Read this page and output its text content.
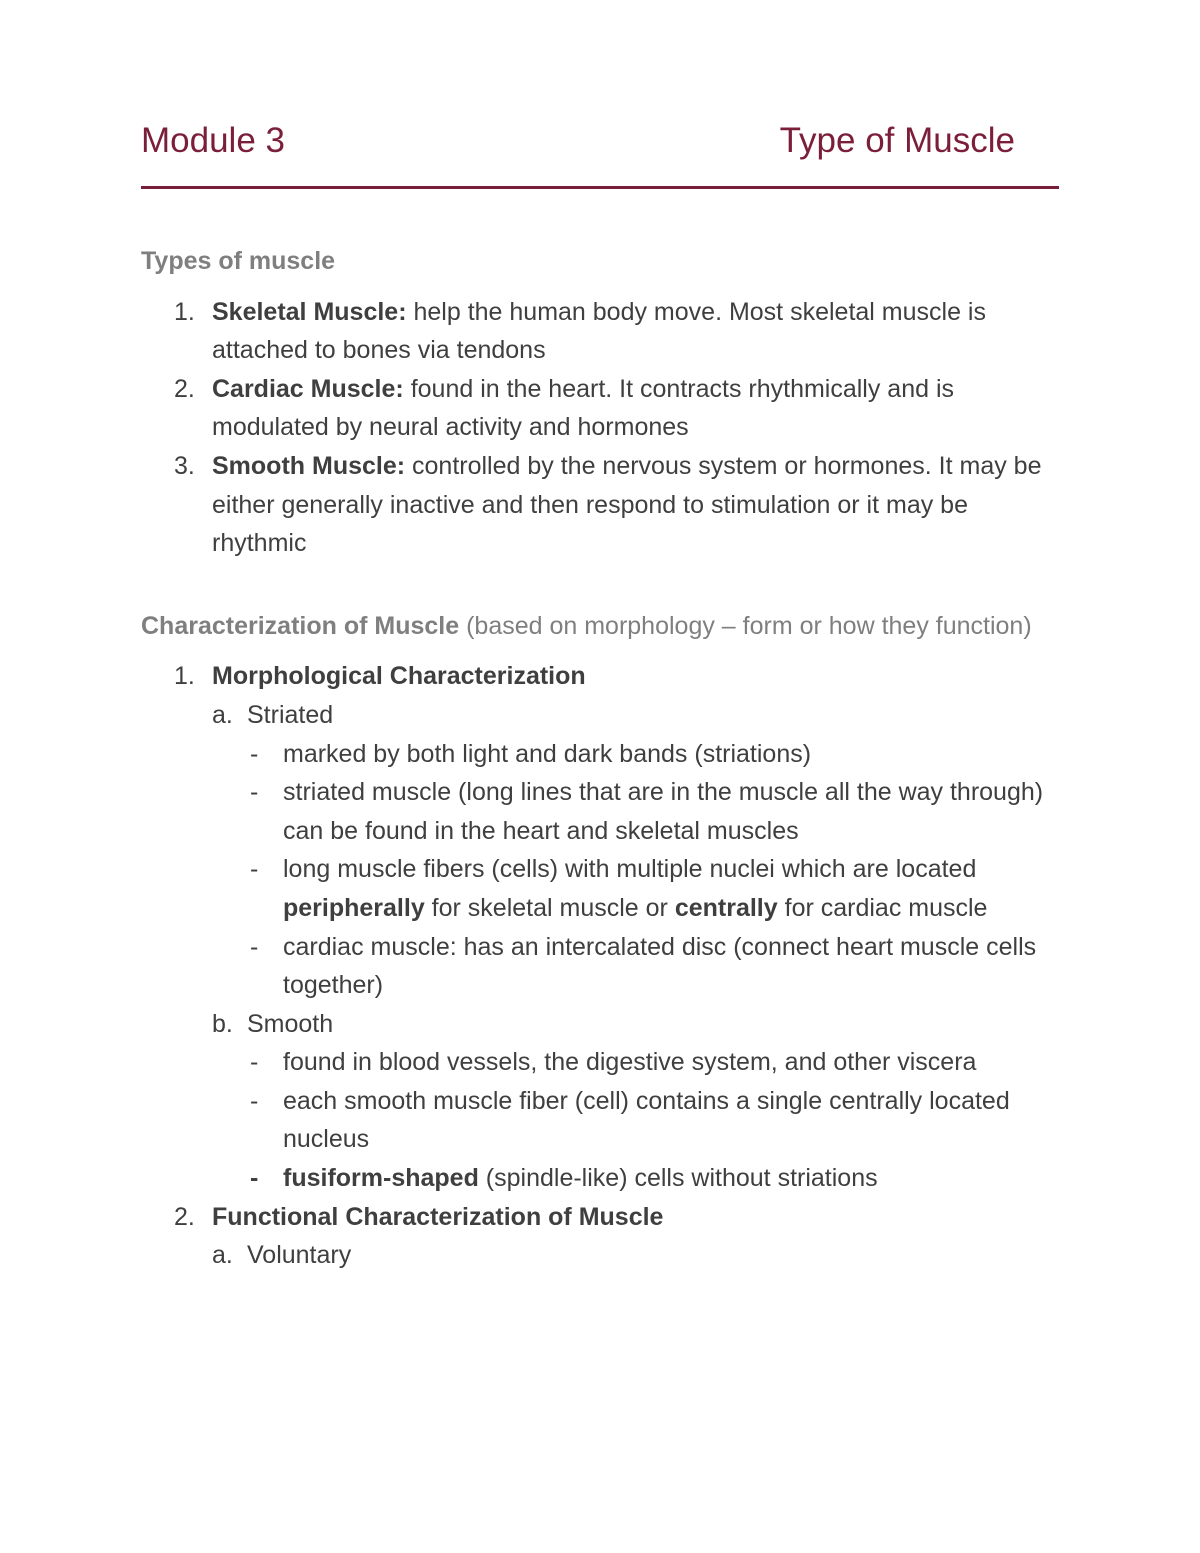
Module 3	Type of Muscle
Types of muscle
1. Skeletal Muscle: help the human body move. Most skeletal muscle is attached to bones via tendons
2. Cardiac Muscle: found in the heart. It contracts rhythmically and is modulated by neural activity and hormones
3. Smooth Muscle: controlled by the nervous system or hormones. It may be either generally inactive and then respond to stimulation or it may be rhythmic
Characterization of Muscle (based on morphology – form or how they function)
1. Morphological Characterization
a. Striated
- marked by both light and dark bands (striations)
- striated muscle (long lines that are in the muscle all the way through) can be found in the heart and skeletal muscles
- long muscle fibers (cells) with multiple nuclei which are located peripherally for skeletal muscle or centrally for cardiac muscle
- cardiac muscle: has an intercalated disc (connect heart muscle cells together)
b. Smooth
- found in blood vessels, the digestive system, and other viscera
- each smooth muscle fiber (cell) contains a single centrally located nucleus
- fusiform-shaped (spindle-like) cells without striations
2. Functional Characterization of Muscle
a. Voluntary
